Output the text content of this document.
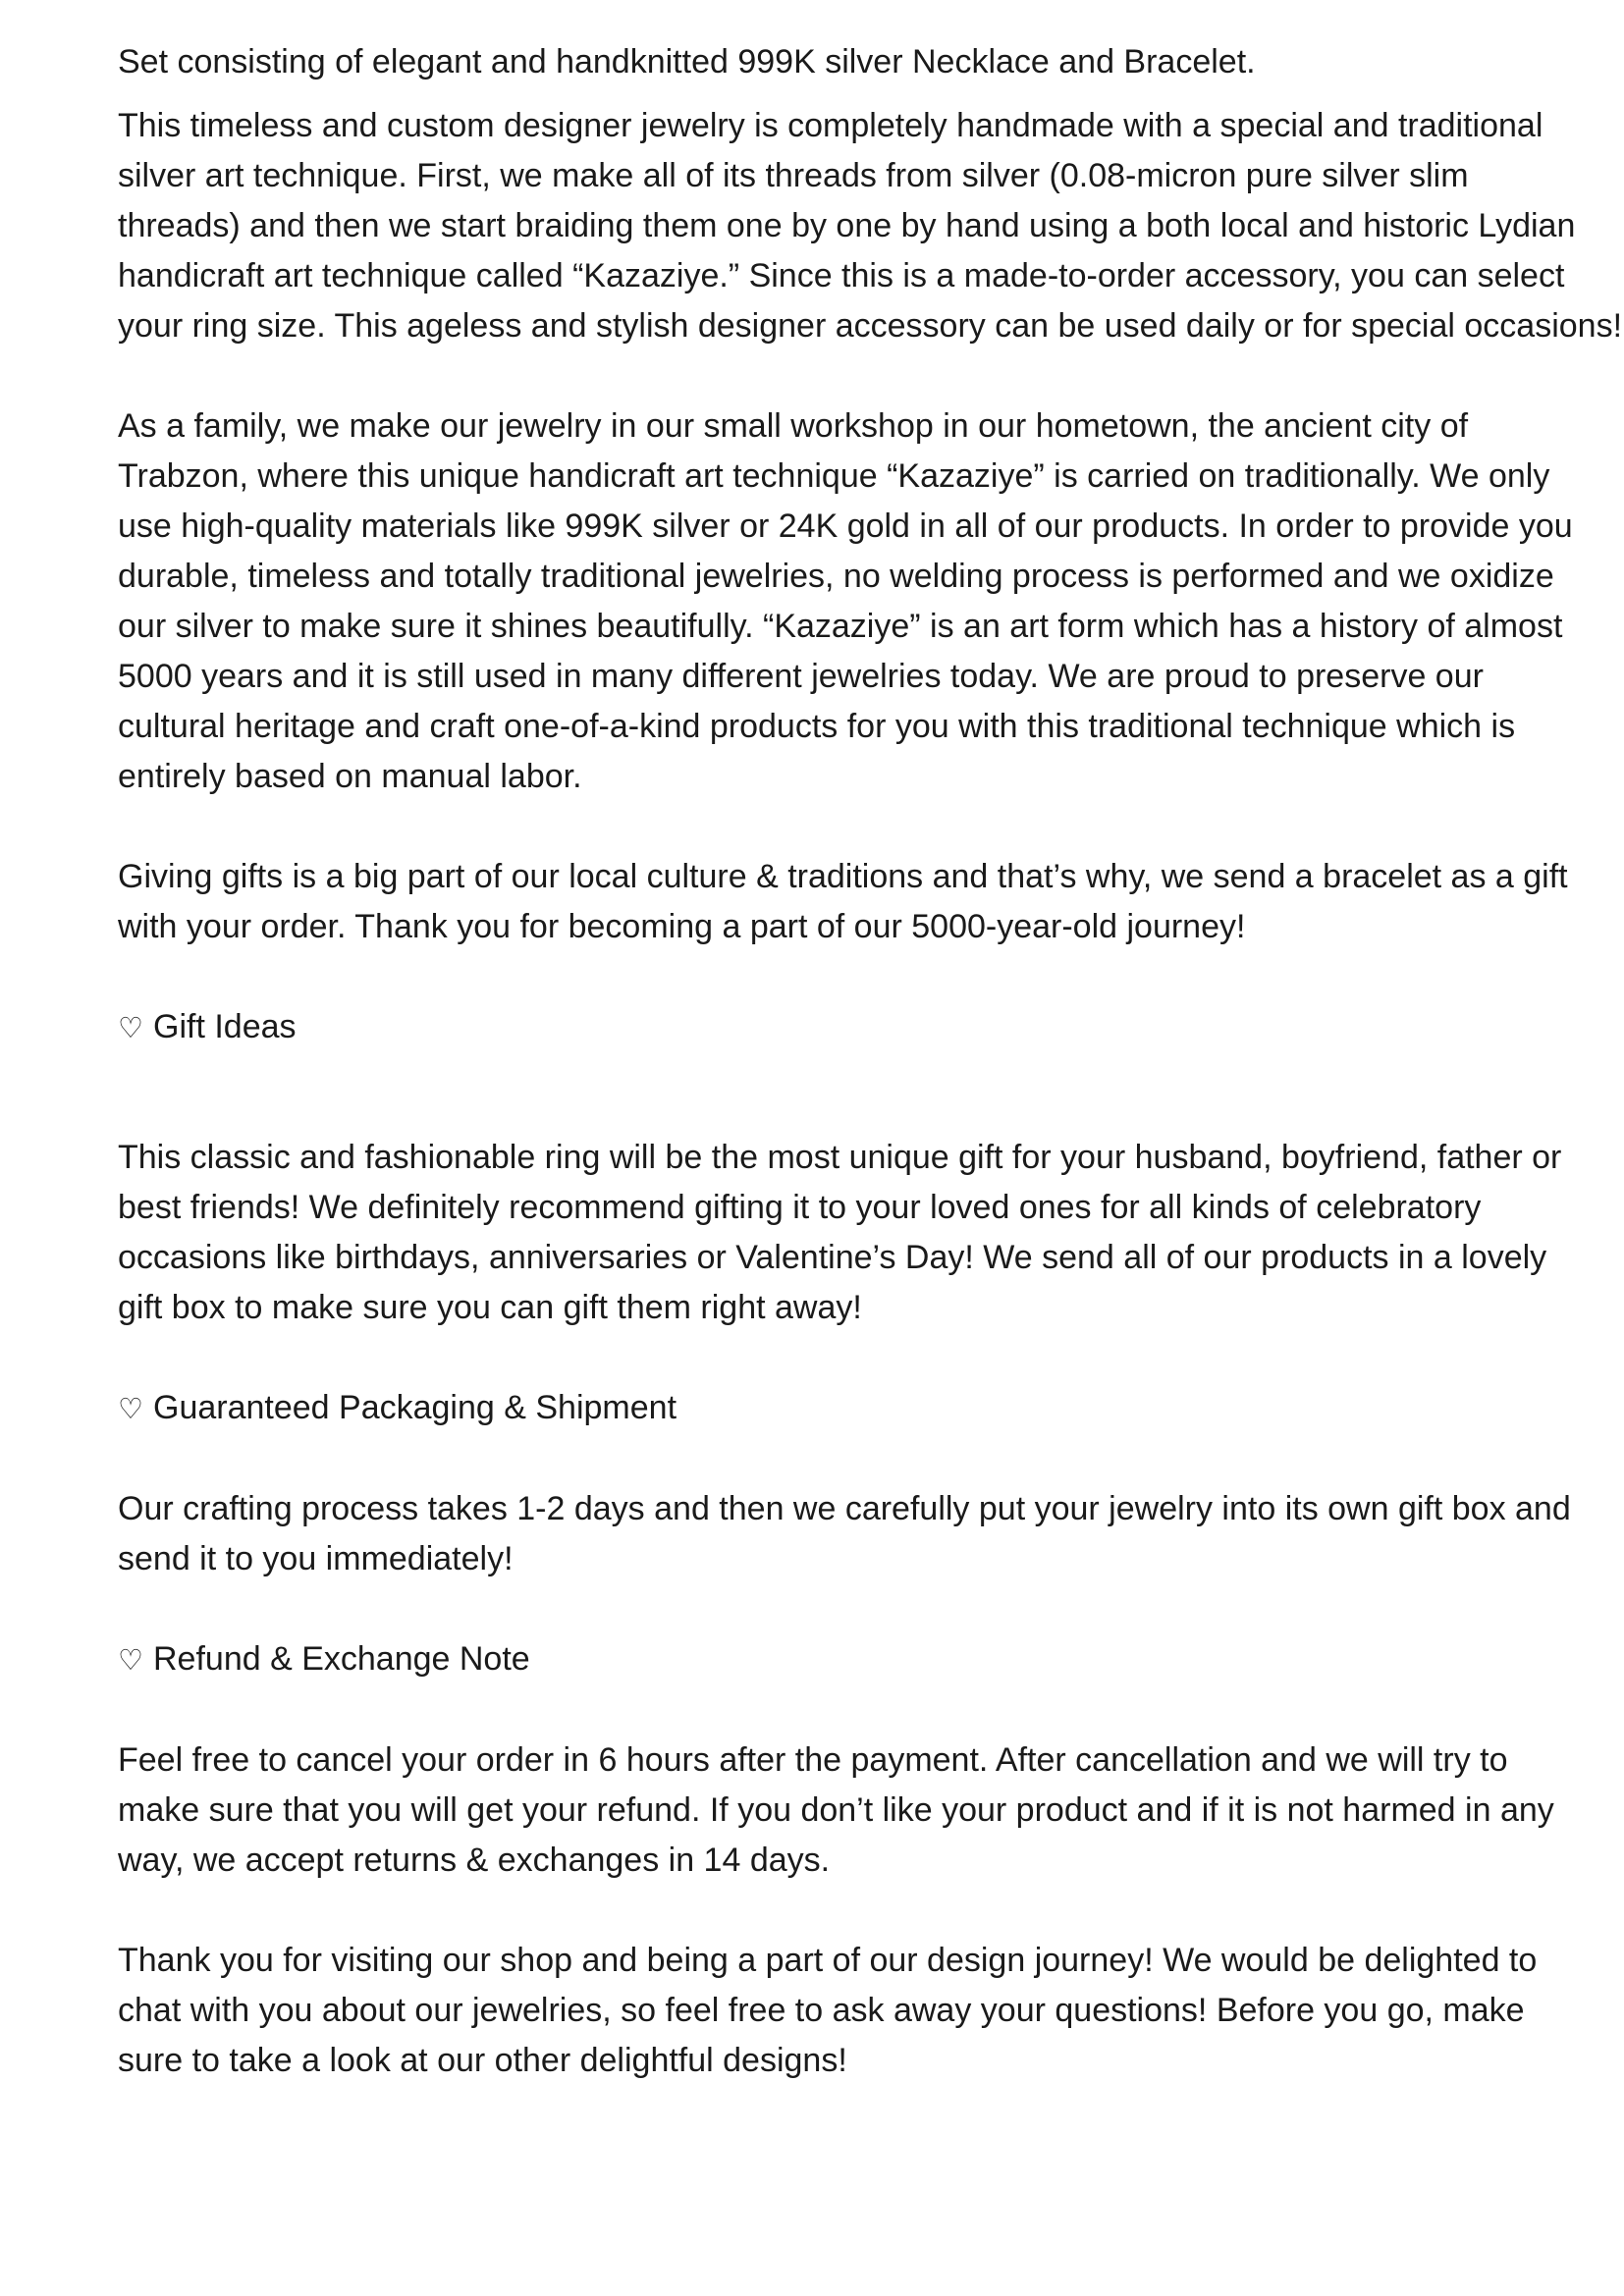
Set consisting of elegant and handknitted 999K silver Necklace and Bracelet.

This timeless and custom designer jewelry is completely handmade with a special and traditional

silver art technique. First, we make all of its threads from silver (0.08-micron pure silver slim

threads) and then we start braiding them one by one by hand using a both local and historic Lydian

handicraft art technique called “Kazaziye.” Since this is a made-to-order accessory, you can select

your ring size. This ageless and stylish designer accessory can be used daily or for special occasions!

As a family, we make our jewelry in our small workshop in our hometown, the ancient city of

Trabzon, where this unique handicraft art technique “Kazaziye” is carried on traditionally. We only

use high-quality materials like 999K silver or 24K gold in all of our products. In order to provide you

durable, timeless and totally traditional jewelries, no welding process is performed and we oxidize

our silver to make sure it shines beautifully. “Kazaziye” is an art form which has a history of almost

5000 years and it is still used in many different jewelries today. We are proud to preserve our

cultural heritage and craft one-of-a-kind products for you with this traditional technique which is

entirely based on manual labor.

Giving gifts is a big part of our local culture & traditions and that’s why, we send a bracelet as a gift

with your order. Thank you for becoming a part of our 5000-year-old journey!

♡ Gift Ideas

This classic and fashionable ring will be the most unique gift for your husband, boyfriend, father or

best friends! We definitely recommend gifting it to your loved ones for all kinds of celebratory

occasions like birthdays, anniversaries or Valentine’s Day! We send all of our products in a lovely

gift box to make sure you can gift them right away!

♡ Guaranteed Packaging & Shipment

Our crafting process takes 1-2 days and then we carefully put your jewelry into its own gift box and

send it to you immediately!

♡ Refund & Exchange Note

Feel free to cancel your order in 6 hours after the payment. After cancellation and we will try to

make sure that you will get your refund. If you don’t like your product and if it is not harmed in any

way, we accept returns & exchanges in 14 days.

Thank you for visiting our shop and being a part of our design journey! We would be delighted to

chat with you about our jewelries, so feel free to ask away your questions! Before you go, make

sure to take a look at our other delightful designs!
